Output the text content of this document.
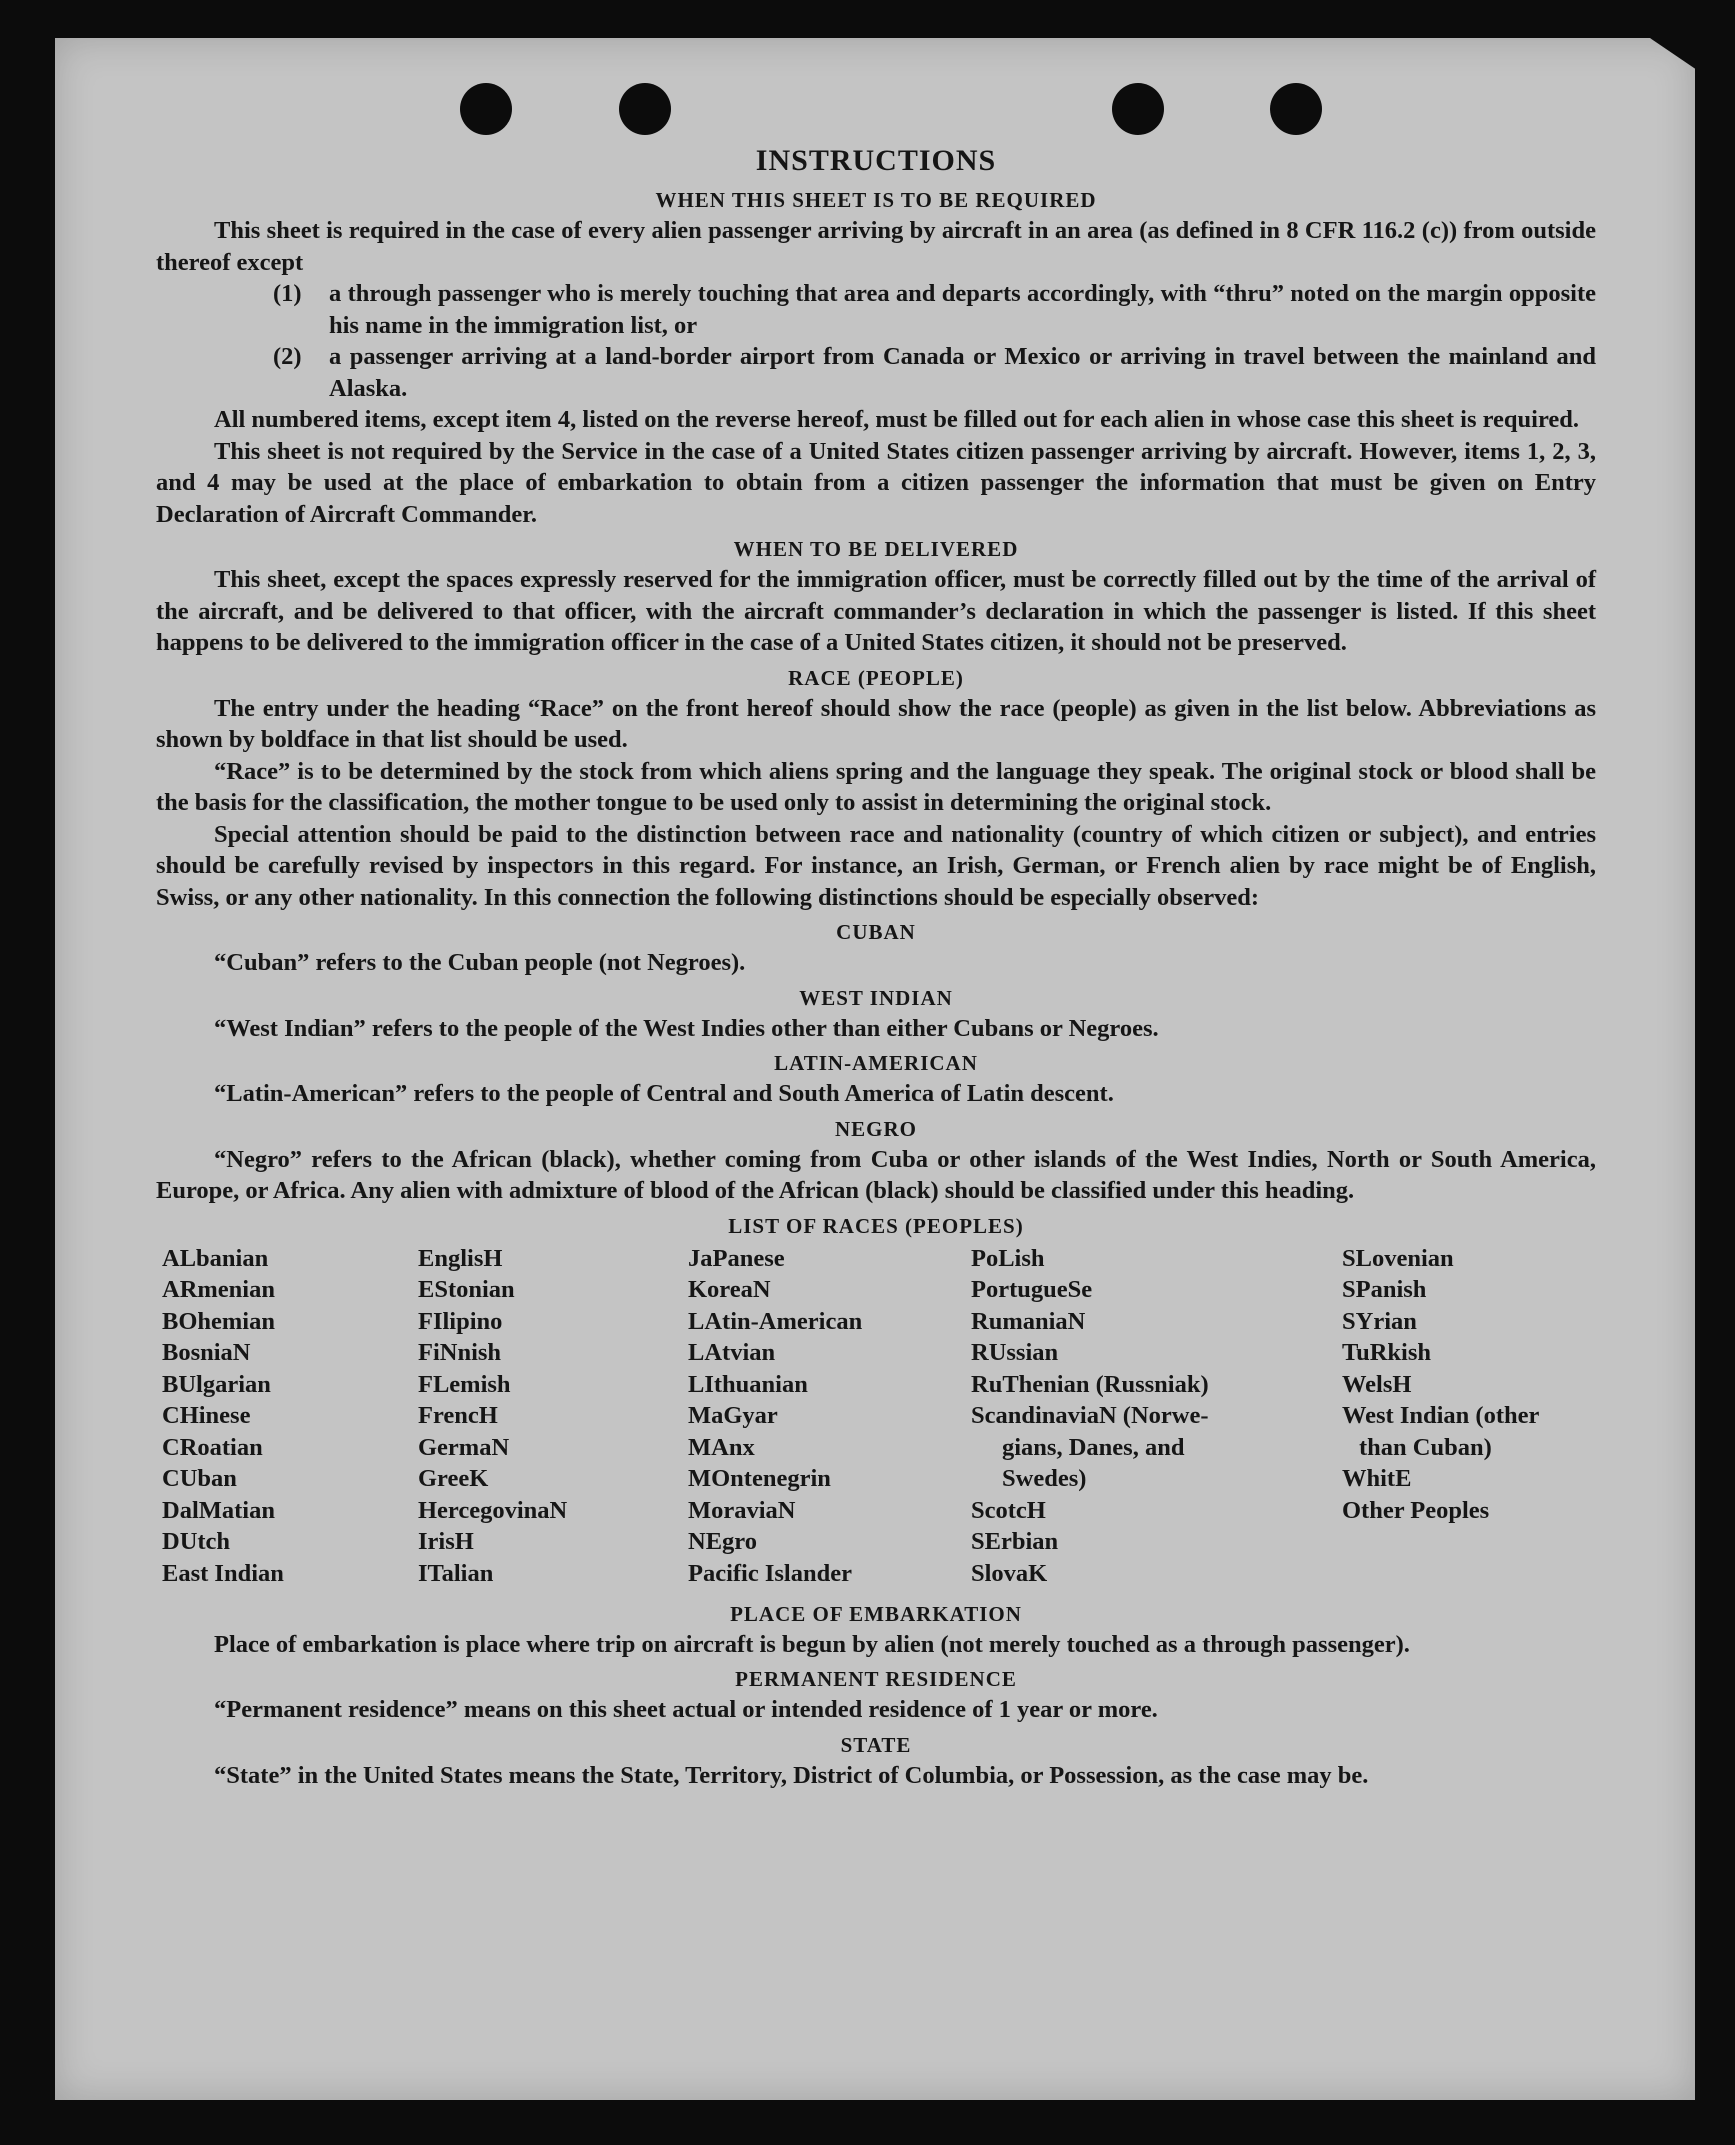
INSTRUCTIONS
WHEN THIS SHEET IS TO BE REQUIRED

This sheet is required in the case of every alien passenger arriving by aircraft in an area (as defined in 8 CFR 116.2 (c)) from outside thereof except

(1)	a through passenger who is merely touching that area and departs accordingly, with “thru” noted on the margin opposite his name in the immigration list, or
(2)	a passenger arriving at a land-border airport from Canada or Mexico or arriving in travel between the mainland and Alaska.

All numbered items, except item 4, listed on the reverse hereof, must be filled out for each alien in whose case this sheet is required.

This sheet is not required by the Service in the case of a United States citizen passenger arriving by aircraft. However, items 1, 2, 3, and 4 may be used at the place of embarkation to obtain from a citizen passenger the information that must be given on Entry Declaration of Aircraft Commander.

WHEN TO BE DELIVERED

This sheet, except the spaces expressly reserved for the immigration officer, must be correctly filled out by the time of the arrival of the aircraft, and be delivered to that officer, with the aircraft commander’s declaration in which the passenger is listed. If this sheet happens to be delivered to the immigration officer in the case of a United States citizen, it should not be preserved.

RACE (PEOPLE)

The entry under the heading “Race” on the front hereof should show the race (people) as given in the list below. Abbreviations as shown by boldface in that list should be used.

“Race” is to be determined by the stock from which aliens spring and the language they speak. The original stock or blood shall be the basis for the classification, the mother tongue to be used only to assist in determining the original stock.

Special attention should be paid to the distinction between race and nationality (country of which citizen or subject), and entries should be carefully revised by inspectors in this regard. For instance, an Irish, German, or French alien by race might be of English, Swiss, or any other nationality. In this connection the following distinctions should be especially observed:

CUBAN

“Cuban” refers to the Cuban people (not Negroes).

WEST INDIAN

“West Indian” refers to the people of the West Indies other than either Cubans or Negroes.

LATIN-AMERICAN

“Latin-American” refers to the people of Central and South America of Latin descent.

NEGRO

“Negro” refers to the African (black), whether coming from Cuba or other islands of the West Indies, North or South America, Europe, or Africa. Any alien with admixture of blood of the African (black) should be classified under this heading.

LIST OF RACES (PEOPLES)
ALbanian
ARmenian
BOhemian
BosniaN
BUlgarian
CHinese
CRoatian
CUban
DalMatian
DUtch
East Indian
EnglisH
EStonian
FIlipino
FiNnish
FLemish
FrencH
GermaN
GreeK
HercegovinaN
IrisH
ITalian
JaPanese
KoreaN
LAtin-American
LAtvian
LIthuanian
MaGyar
MAnx
MOntenegrin
MoraviaN
NEgro
Pacific Islander
PoLish
PortugueSe
RumaniaN
RUssian
RuThenian (Russniak)
ScandinaviaN (Norwe-
gians, Danes, and
Swedes)
ScotcH
SErbian
SlovaK
SLovenian
SPanish
SYrian
TuRkish
WelsH
West Indian (other
than Cuban)
WhitE
Other Peoples
PLACE OF EMBARKATION

Place of embarkation is place where trip on aircraft is begun by alien (not merely touched as a through passenger).

PERMANENT RESIDENCE

“Permanent residence” means on this sheet actual or intended residence of 1 year or more.

STATE

“State” in the United States means the State, Territory, District of Columbia, or Possession, as the case may be.
